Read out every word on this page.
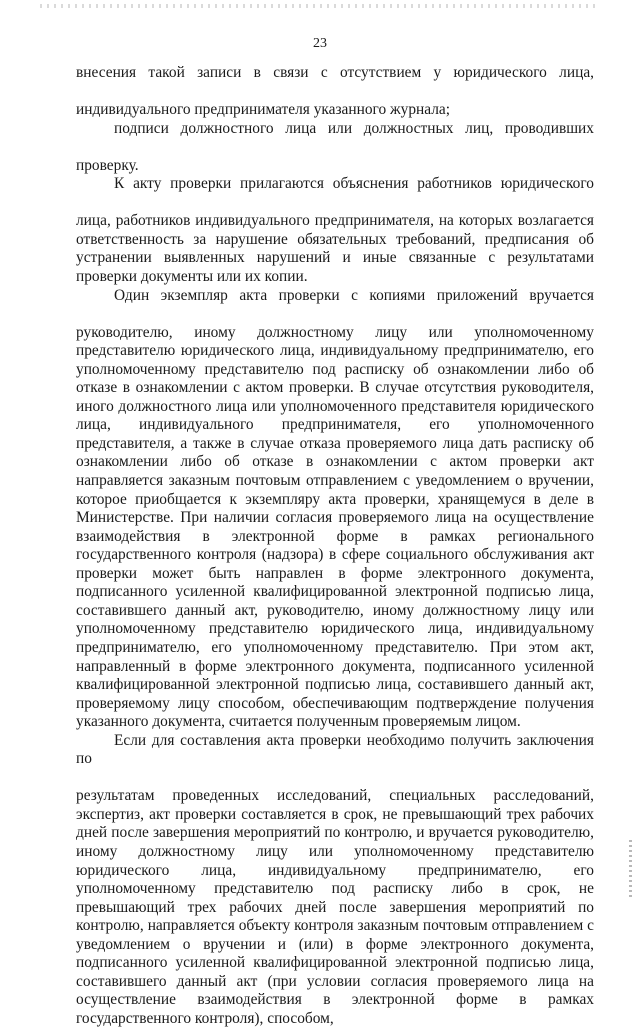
23
внесения такой записи в связи с отсутствием у юридического лица,  индивидуального предпринимателя указанного журнала;
подписи должностного лица или должностных лиц, проводивших  проверку.
К акту проверки прилагаются объяснения работников юридического  лица, работников индивидуального предпринимателя, на которых возлагается ответственность за нарушение обязательных требований, предписания об устранении выявленных нарушений и иные связанные с результатами проверки документы или их копии.
Один экземпляр акта проверки с копиями приложений вручается  руководителю, иному должностному лицу или уполномоченному представителю юридического лица, индивидуальному предпринимателю, его уполномоченному представителю под расписку об ознакомлении либо об отказе в ознакомлении с актом проверки. В случае отсутствия руководителя, иного должностного лица или уполномоченного представителя юридического лица, индивидуального предпринимателя, его уполномоченного представителя, а также в случае отказа проверяемого лица дать расписку об ознакомлении либо об отказе в ознакомлении с актом проверки акт направляется заказным почтовым отправлением с уведомлением о вручении, которое приобщается к экземпляру акта проверки, хранящемуся в деле в Министерстве. При наличии согласия проверяемого лица на осуществление взаимодействия в электронной форме в рамках регионального государственного контроля (надзора) в сфере социального обслуживания акт проверки может быть направлен в форме электронного документа, подписанного усиленной квалифицированной электронной подписью лица, составившего данный акт, руководителю, иному должностному лицу или уполномоченному представителю юридического лица, индивидуальному предпринимателю, его уполномоченному представителю. При этом акт, направленный в форме электронного документа, подписанного усиленной квалифицированной электронной подписью лица, составившего данный акт, проверяемому лицу способом, обеспечивающим подтверждение получения указанного документа, считается полученным проверяемым лицом.
Если для составления акта проверки необходимо получить заключения по  результатам проведенных исследований, специальных расследований, экспертиз, акт проверки составляется в срок, не превышающий трех рабочих дней после завершения мероприятий по контролю, и вручается руководителю, иному должностному лицу или уполномоченному представителю юридического лица, индивидуальному предпринимателю, его уполномоченному представителю под расписку либо в срок, не превышающий трех рабочих дней после завершения мероприятий по контролю, направляется объекту контроля заказным почтовым отправлением с уведомлением о вручении и (или) в форме электронного документа, подписанного усиленной квалифицированной электронной подписью лица, составившего данный акт (при условии согласия проверяемого лица на осуществление взаимодействия в электронной форме в рамках государственного контроля), способом,
